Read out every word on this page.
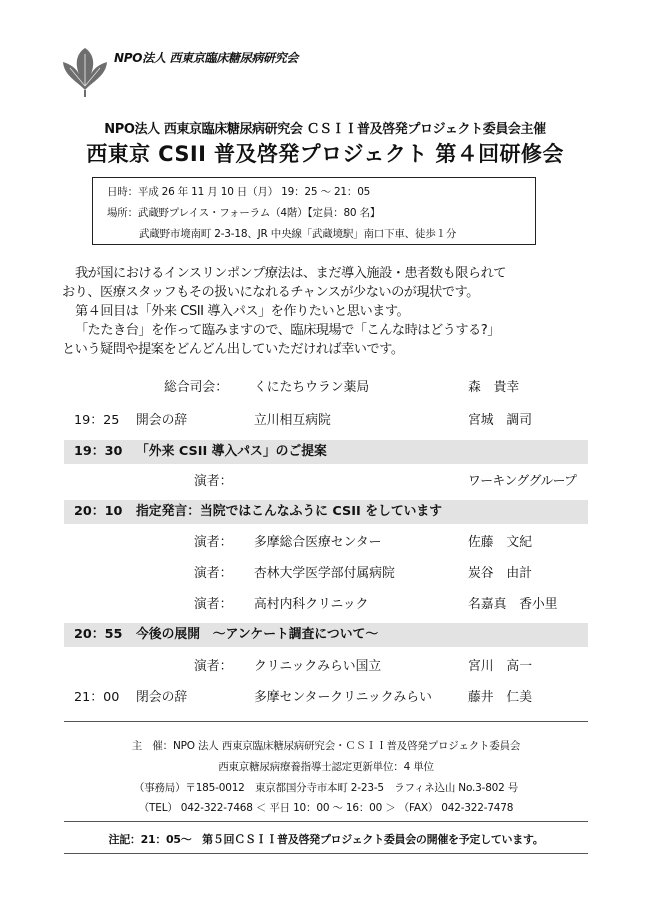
NPO法人 西東京臨床糖尿病研究会
NPO法人 西東京臨床糖尿病研究会 ＣＳＩＩ普及啓発プロジェクト委員会主催
西東京 CSII 普及啓発プロジェクト 第４回研修会
日時：平成 26 年 11 月 10 日（月） 19：25 ～ 21：05
場所：武蔵野プレイス・フォーラム（4階）【定員：80 名】
武蔵野市境南町 2-3-18、JR 中央線「武蔵境駅」南口下車、徒歩１分

我が国におけるインスリンポンプ療法は、まだ導入施設・患者数も限られて

おり、医療スタッフもその扱いになれるチャンスが少ないのが現状です。

第４回目は「外来 CSII 導入パス」を作りたいと思います。

「たたき台」を作って臨みますので、臨床現場で「こんな時はどうする?」

という疑問や提案をどんどん出していただければ幸いです。

総合司会： くにたちウラン薬局	森　貴幸
19：25 開会の辞	立川相互病院	宮城　調司
19：30 「外来 CSII 導入パス」のご提案
演者：	ワーキンググループ
20：10 指定発言：当院ではこんなふうに CSII をしています
演者： 多摩総合医療センター	佐藤　文紀
演者： 杏林大学医学部付属病院	炭谷　由計
演者： 高村内科クリニック	名嘉真　香小里
20：55 今後の展開　～アンケート調査について～
演者： クリニックみらい国立	宮川　高一
21：00 閉会の辞	多摩センタークリニックみらい	藤井　仁美
主　催：NPO 法人 西東京臨床糖尿病研究会・ＣＳＩＩ普及啓発プロジェクト委員会
西東京糖尿病療養指導士認定更新単位：4 単位
（事務局）〒185-0012　東京都国分寺市本町 2-23-5　ラフィネ込山 No.3-802 号
（TEL） 042-322-7468 ＜ 平日 10：00 ～ 16：00 ＞ （FAX） 042-322-7478
注記：21：05～　第５回ＣＳＩＩ普及啓発プロジェクト委員会の開催を予定しています。
